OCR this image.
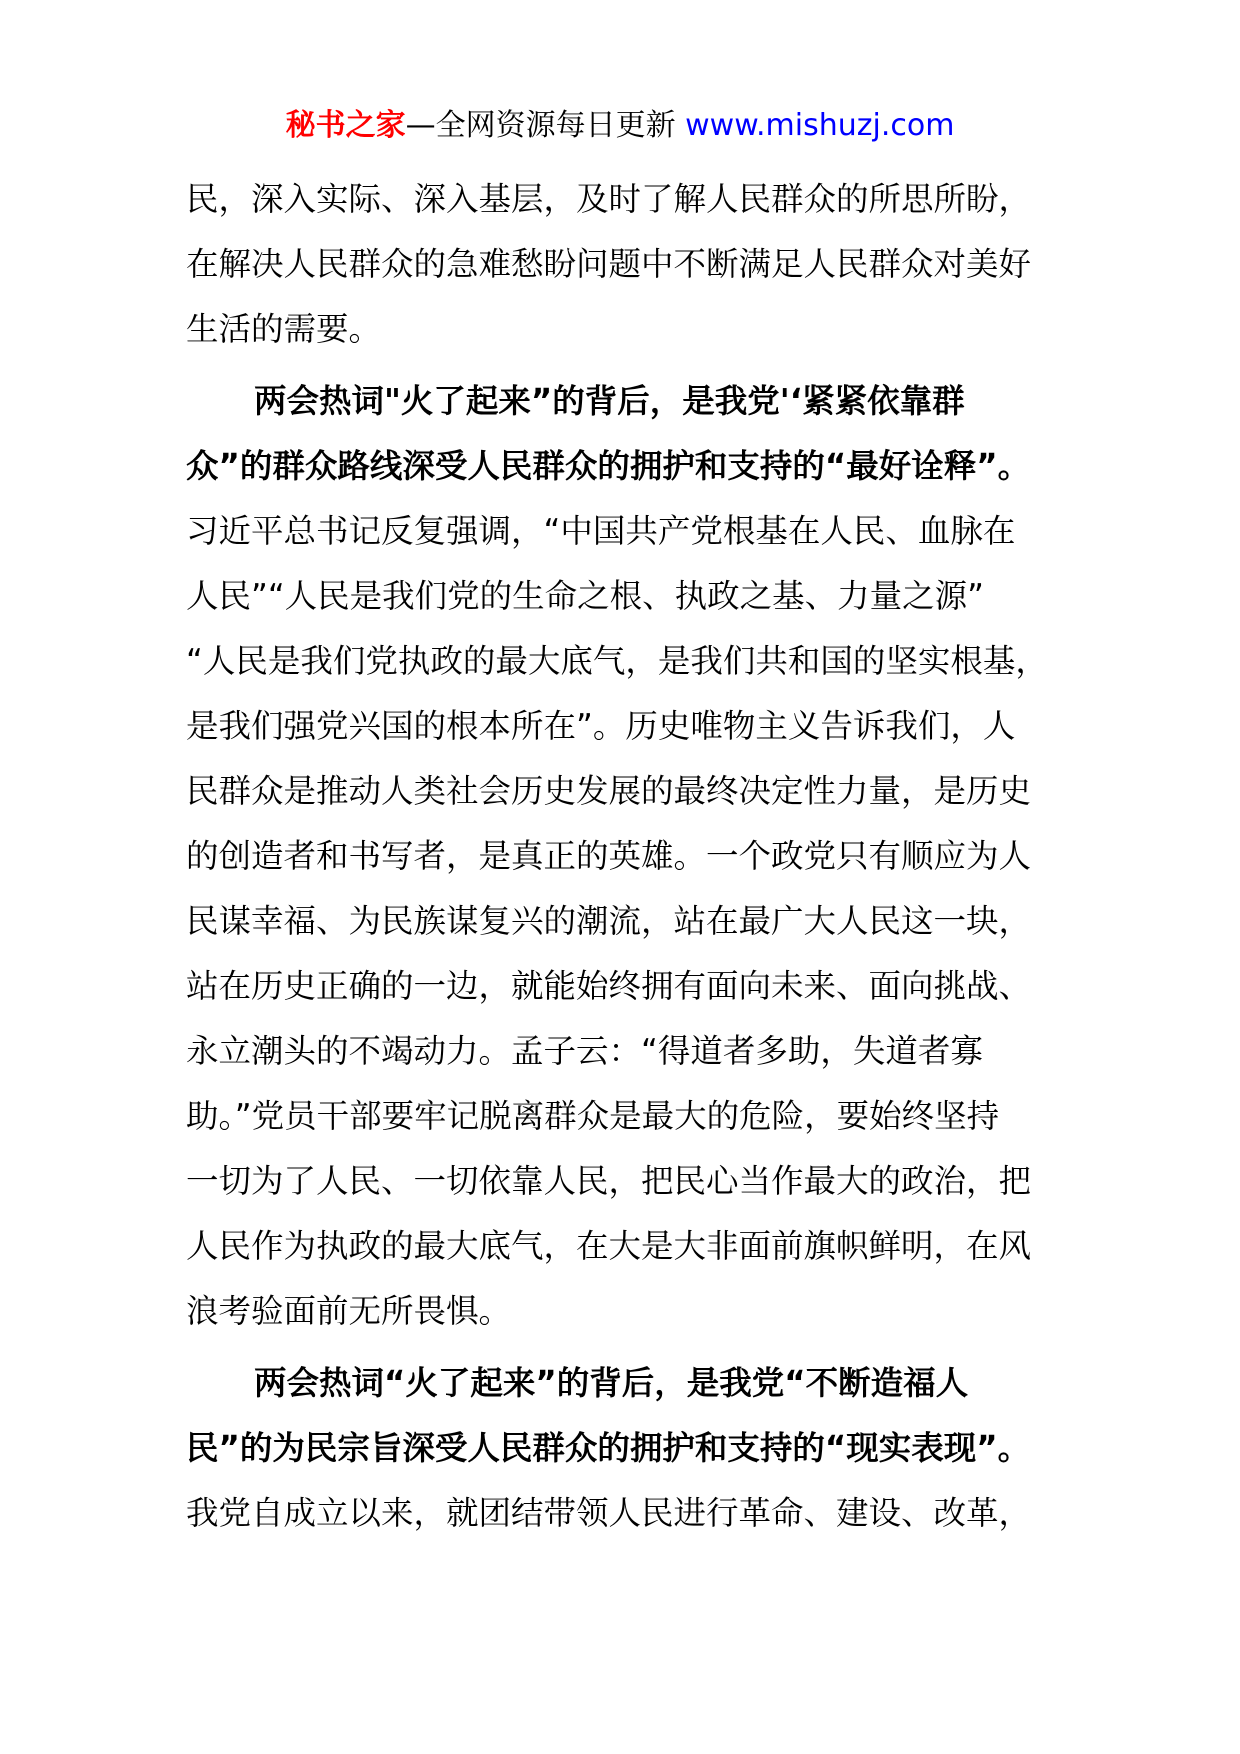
秘书之家—全网资源每日更新 www.mishuzj.com
民，深入实际、深入基层，及时了解人民群众的所思所盼，
在解决人民群众的急难愁盼问题中不断满足人民群众对美好
生活的需要。
两会热词"火了起来”的背后，是我党'‘紧紧依靠群
众”的群众路线深受人民群众的拥护和支持的“最好诠释”。
习近平总书记反复强调，“中国共产党根基在人民、血脉在
人民”“人民是我们党的生命之根、执政之基、力量之源”
“人民是我们党执政的最大底气，是我们共和国的坚实根基，
是我们强党兴国的根本所在”。历史唯物主义告诉我们，人
民群众是推动人类社会历史发展的最终决定性力量，是历史
的创造者和书写者，是真正的英雄。一个政党只有顺应为人
民谋幸福、为民族谋复兴的潮流，站在最广大人民这一块，
站在历史正确的一边，就能始终拥有面向未来、面向挑战、
永立潮头的不竭动力。孟子云：“得道者多助，失道者寡
助。”党员干部要牢记脱离群众是最大的危险，要始终坚持
一切为了人民、一切依靠人民，把民心当作最大的政治，把
人民作为执政的最大底气，在大是大非面前旗帜鲜明，在风
浪考验面前无所畏惧。
两会热词“火了起来”的背后，是我党“不断造福人
民”的为民宗旨深受人民群众的拥护和支持的“现实表现”。
我党自成立以来，就团结带领人民进行革命、建设、改革，
